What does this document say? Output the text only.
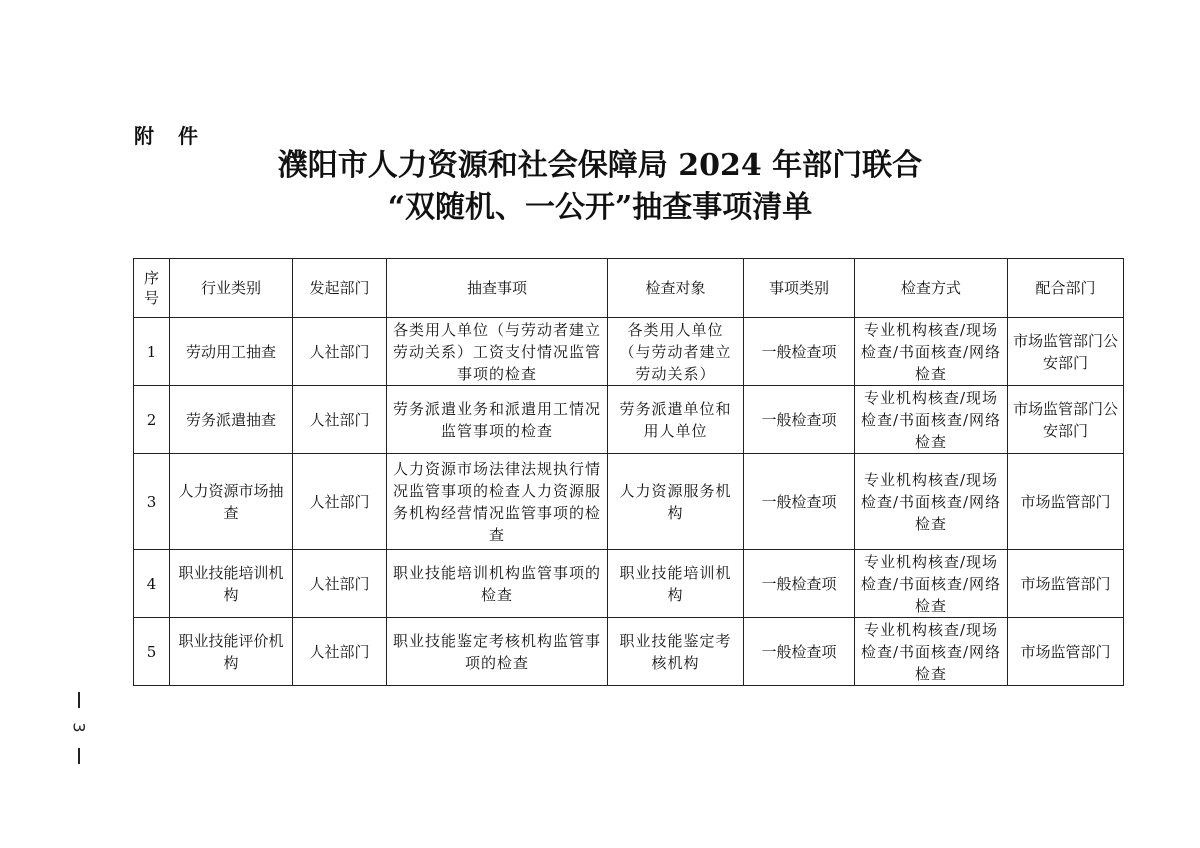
附　件
濮阳市人力资源和社会保障局 2024 年部门联合
“双随机、一公开”抽查事项清单
序号	行业类别	发起部门	抽查事项	检查对象	事项类别	检查方式	配合部门
1	劳动用工抽查	人社部门	各类用人单位（与劳动者建立劳动关系）工资支付情况监管事项的检查	各类用人单位（与劳动者建立劳动关系）	一般检查项	专业机构核查/现场检查/书面核查/网络检查	市场监管部门公安部门
2	劳务派遣抽查	人社部门	劳务派遣业务和派遣用工情况监管事项的检查	劳务派遣单位和用人单位	一般检查项	专业机构核查/现场检查/书面核查/网络检查	市场监管部门公安部门
3	人力资源市场抽查	人社部门	人力资源市场法律法规执行情况监管事项的检查人力资源服务机构经营情况监管事项的检查	人力资源服务机构	一般检查项	专业机构核查/现场检查/书面核查/网络检查	市场监管部门
4	职业技能培训机构	人社部门	职业技能培训机构监管事项的检查	职业技能培训机构	一般检查项	专业机构核查/现场检查/书面核查/网络检查	市场监管部门
5	职业技能评价机构	人社部门	职业技能鉴定考核机构监管事项的检查	职业技能鉴定考核机构	一般检查项	专业机构核查/现场检查/书面核查/网络检查	市场监管部门
3
